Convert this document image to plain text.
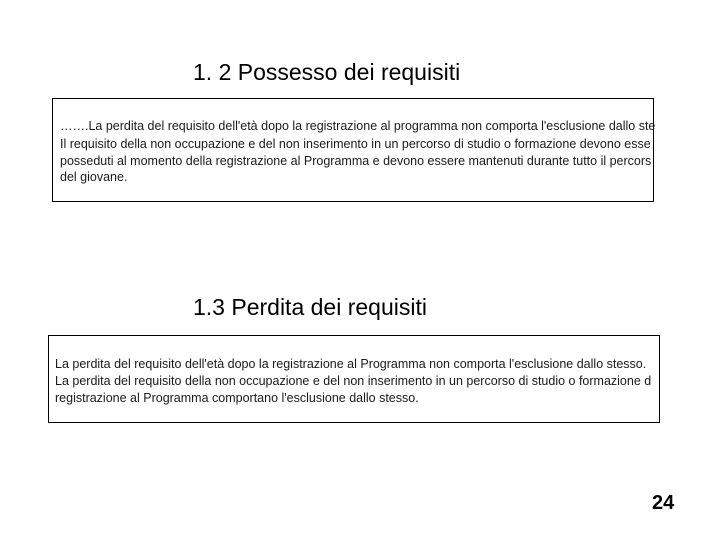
1. 2 Possesso dei requisiti
…….La perdita del requisito dell'età dopo la registrazione al programma non comporta l'esclusione dallo ste
Il requisito della non occupazione e del non inserimento in un percorso di studio o formazione devono esse
posseduti al momento della registrazione al Programma e devono essere mantenuti durante tutto il percors
del giovane.
1.3 Perdita dei requisiti
La perdita del requisito dell'età dopo la registrazione al Programma non comporta l'esclusione dallo stesso.
La perdita del requisito della non occupazione e del non inserimento in un percorso di studio o formazione d
registrazione al Programma comportano l'esclusione dallo stesso.
24
